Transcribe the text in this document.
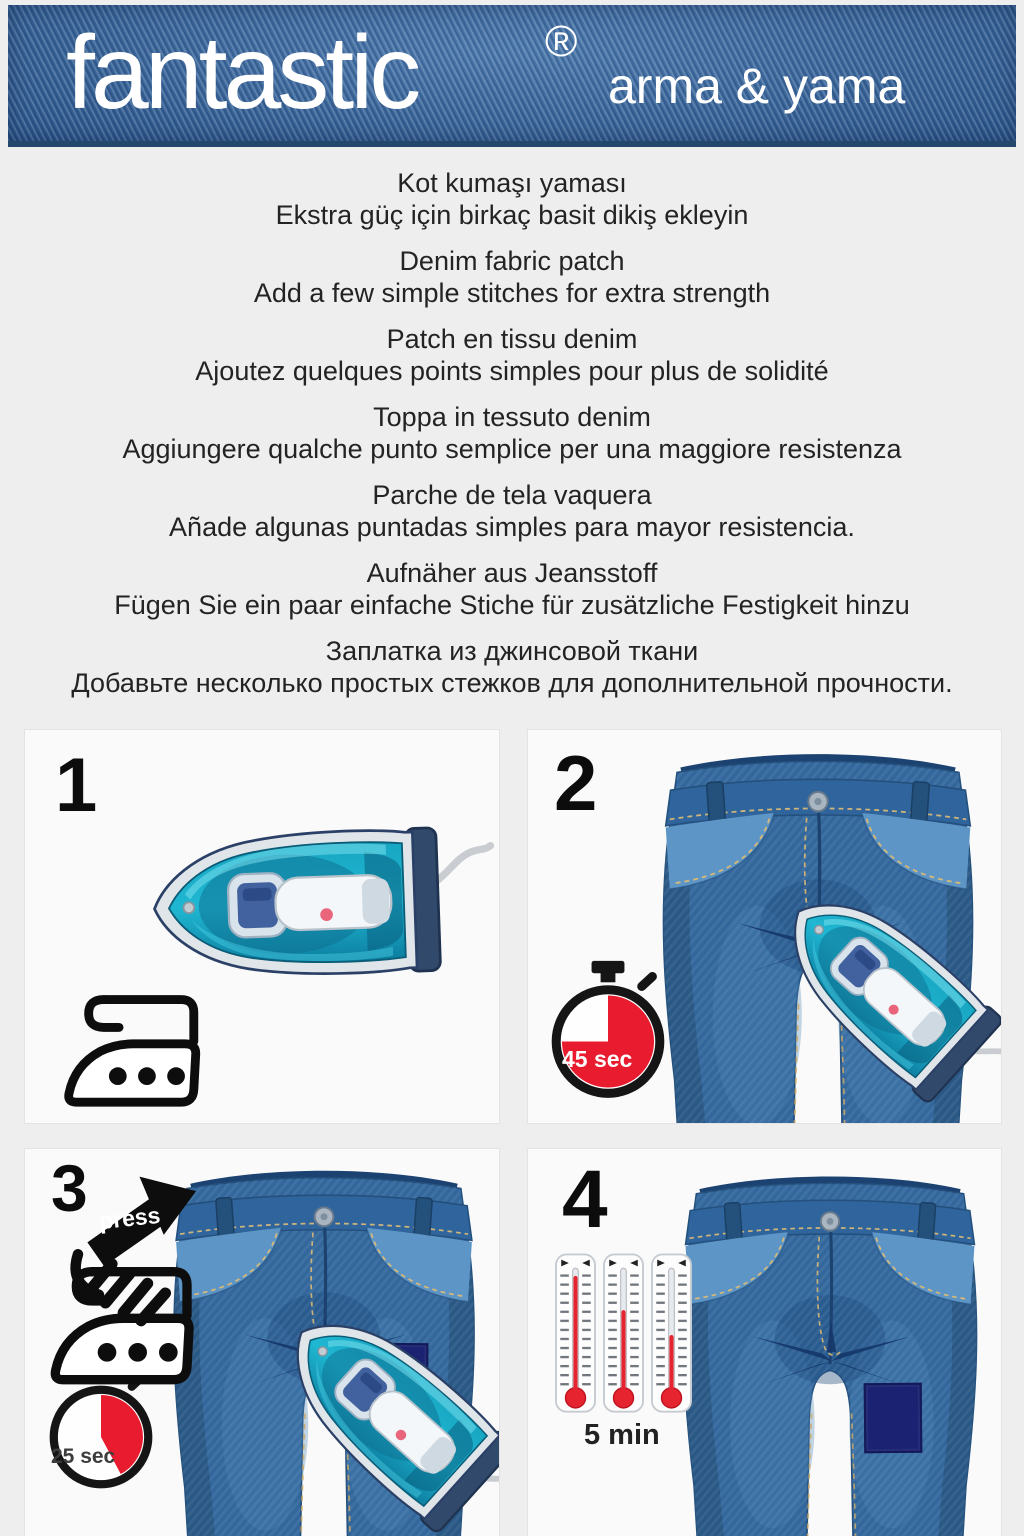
fantastic	®
arma & yama
Kot kumaşı yaması
Ekstra güç için birkaç basit dikiş ekleyin
Denim fabric patch
Add a few simple stitches for extra strength
Patch en tissu denim
Ajoutez quelques points simples pour plus de solidité
Toppa in tessuto denim
Aggiungere qualche punto semplice per una maggiore resistenza
Parche de tela vaquera
Añade algunas puntadas simples para mayor resistencia.
Aufnäher aus Jeansstoff
Fügen Sie ein paar einfache Stiche für zusätzliche Festigkeit hinzu
Заплатка из джинсовой ткани
Добавьте несколько простых стежков для дополнительной прочности.
1	2
45 sec
3 press
25 sec
4
5 min
